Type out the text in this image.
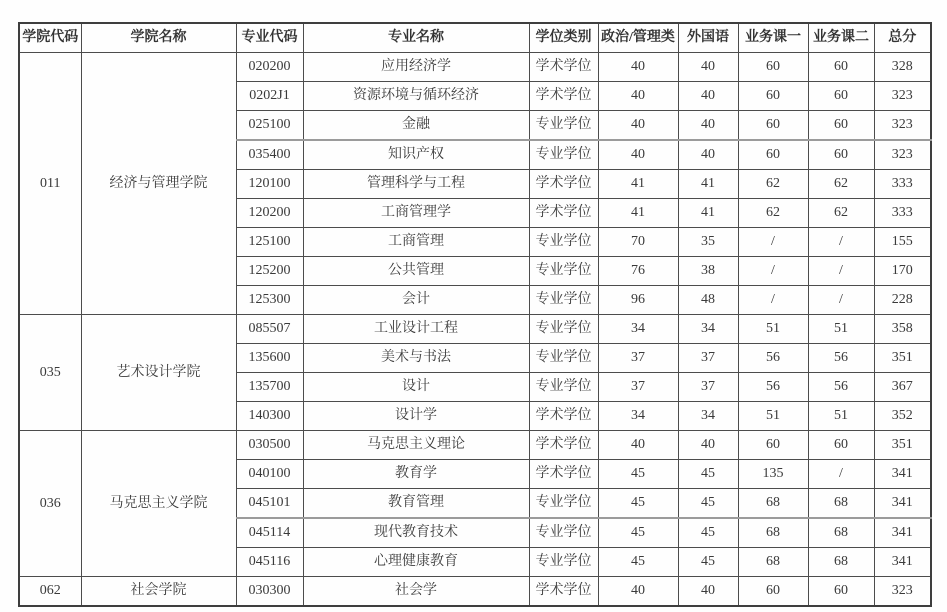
学院代码	学院名称	专业代码	专业名称	学位类别	政治/管理类	外国语	业务课一	业务课二	总分
011	经济与管理学院	020200	应用经济学	学术学位	40	40	60	60	328
		0202J1	资源环境与循环经济	学术学位	40	40	60	60	323
		025100	金融	专业学位	40	40	60	60	323
		035400	知识产权	专业学位	40	40	60	60	323
		120100	管理科学与工程	学术学位	41	41	62	62	333
		120200	工商管理学	学术学位	41	41	62	62	333
		125100	工商管理	专业学位	70	35	/	/	155
		125200	公共管理	专业学位	76	38	/	/	170
		125300	会计	专业学位	96	48	/	/	228
035	艺术设计学院	085507	工业设计工程	专业学位	34	34	51	51	358
		135600	美术与书法	专业学位	37	37	56	56	351
		135700	设计	专业学位	37	37	56	56	367
		140300	设计学	学术学位	34	34	51	51	352
036	马克思主义学院	030500	马克思主义理论	学术学位	40	40	60	60	351
		040100	教育学	学术学位	45	45	135	/	341
		045101	教育管理	专业学位	45	45	68	68	341
		045114	现代教育技术	专业学位	45	45	68	68	341
		045116	心理健康教育	专业学位	45	45	68	68	341
062	社会学院	030300	社会学	学术学位	40	40	60	60	323
